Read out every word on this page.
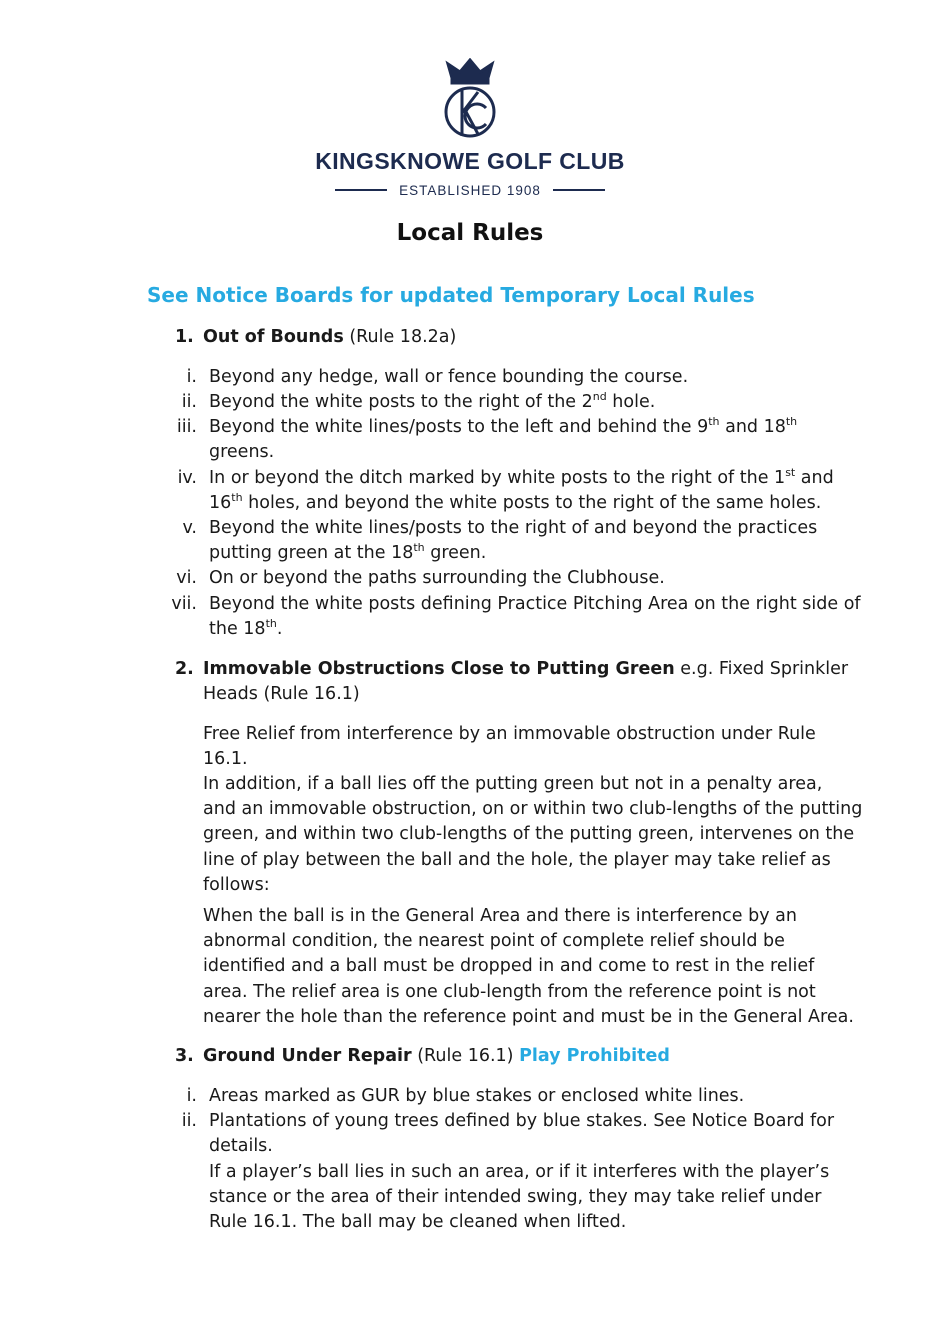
KINGSKNOWE GOLF CLUB
ESTABLISHED 1908
Local Rules
See Notice Boards for updated Temporary Local Rules
1. Out of Bounds (Rule 18.2a)
i. Beyond any hedge, wall or fence bounding the course.
ii. Beyond the white posts to the right of the 2nd hole.
iii. Beyond the white lines/posts to the left and behind the 9th and 18th
greens.
iv. In or beyond the ditch marked by white posts to the right of the 1st and
16th holes, and beyond the white posts to the right of the same holes.
v. Beyond the white lines/posts to the right of and beyond the practices
putting green at the 18th green.
vi. On or beyond the paths surrounding the Clubhouse.
vii. Beyond the white posts defining Practice Pitching Area on the right side of
the 18th.
2. Immovable Obstructions Close to Putting Green e.g. Fixed Sprinkler
Heads (Rule 16.1)
Free Relief from interference by an immovable obstruction under Rule
16.1.
In addition, if a ball lies off the putting green but not in a penalty area,
and an immovable obstruction, on or within two club-lengths of the putting
green, and within two club-lengths of the putting green, intervenes on the
line of play between the ball and the hole, the player may take relief as
follows:
When the ball is in the General Area and there is interference by an
abnormal condition, the nearest point of complete relief should be
identified and a ball must be dropped in and come to rest in the relief
area. The relief area is one club-length from the reference point is not
nearer the hole than the reference point and must be in the General Area.
3. Ground Under Repair (Rule 16.1) Play Prohibited
i. Areas marked as GUR by blue stakes or enclosed white lines.
ii. Plantations of young trees defined by blue stakes. See Notice Board for
details.
If a player’s ball lies in such an area, or if it interferes with the player’s
stance or the area of their intended swing, they may take relief under
Rule 16.1. The ball may be cleaned when lifted.
